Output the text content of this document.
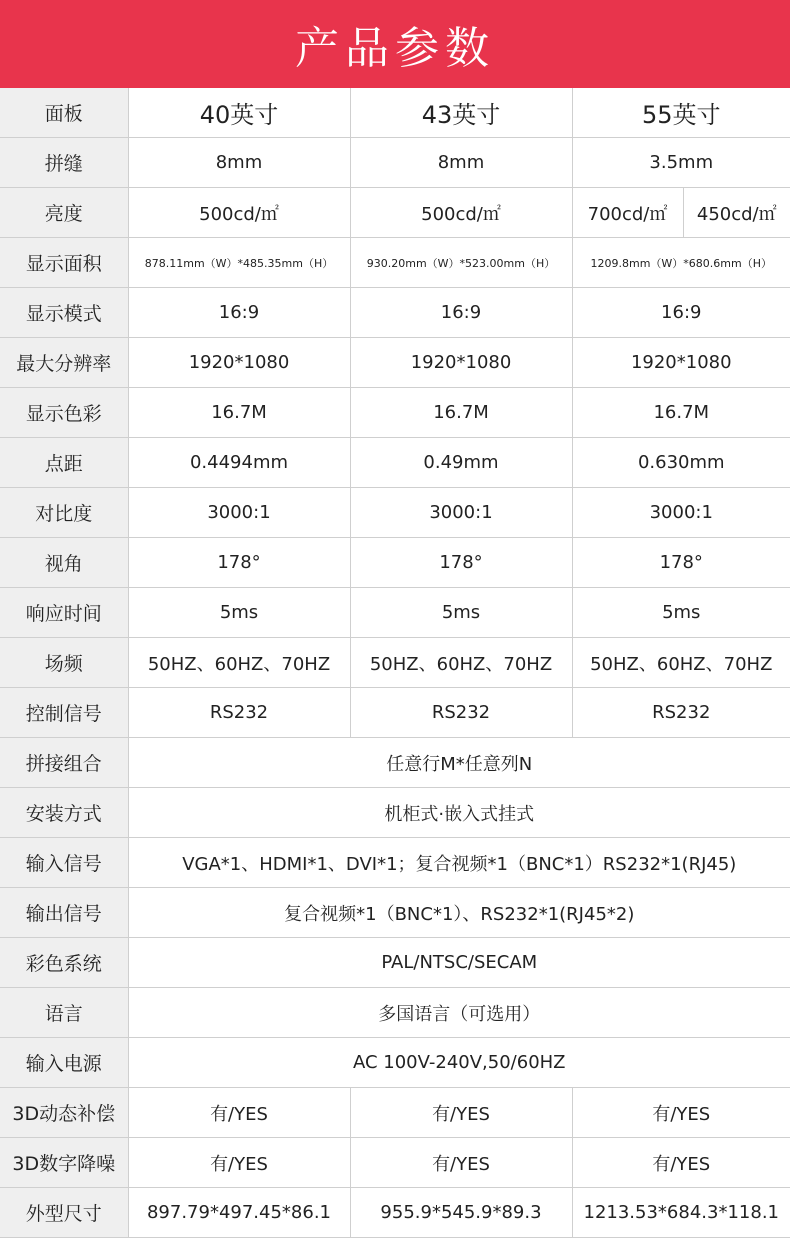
产品参数
面板	40英寸	43英寸	55英寸	
拼缝	8mm	8mm	3.5mm	
亮度	500cd/㎡	500cd/㎡	700cd/㎡	450cd/㎡
显示面积	878.11mm（W）*485.35mm（H）	930.20mm（W）*523.00mm（H）	1209.8mm（W）*680.6mm（H）	
显示模式	16:9	16:9	16:9	
最大分辨率	1920*1080	1920*1080	1920*1080	
显示色彩	16.7M	16.7M	16.7M	
点距	0.4494mm	0.49mm	0.630mm	
对比度	3000:1	3000:1	3000:1	
视角	178°	178°	178°	
响应时间	5ms	5ms	5ms	
场频	50HZ、60HZ、70HZ	50HZ、60HZ、70HZ	50HZ、60HZ、70HZ	
控制信号	RS232	RS232	RS232	
拼接组合	任意行M*任意列N			
安装方式	机柜式·嵌入式挂式			
输入信号	VGA*1、HDMI*1、DVI*1；复合视频*1（BNC*1）RS232*1(RJ45)			
输出信号	复合视频*1（BNC*1）、RS232*1(RJ45*2)			
彩色系统	PAL/NTSC/SECAM			
语言	多国语言（可选用）			
输入电源	AC 100V-240V,50/60HZ			
3D动态补偿	有/YES	有/YES	有/YES	
3D数字降噪	有/YES	有/YES	有/YES	
外型尺寸	897.79*497.45*86.1	955.9*545.9*89.3	1213.53*684.3*118.1	
